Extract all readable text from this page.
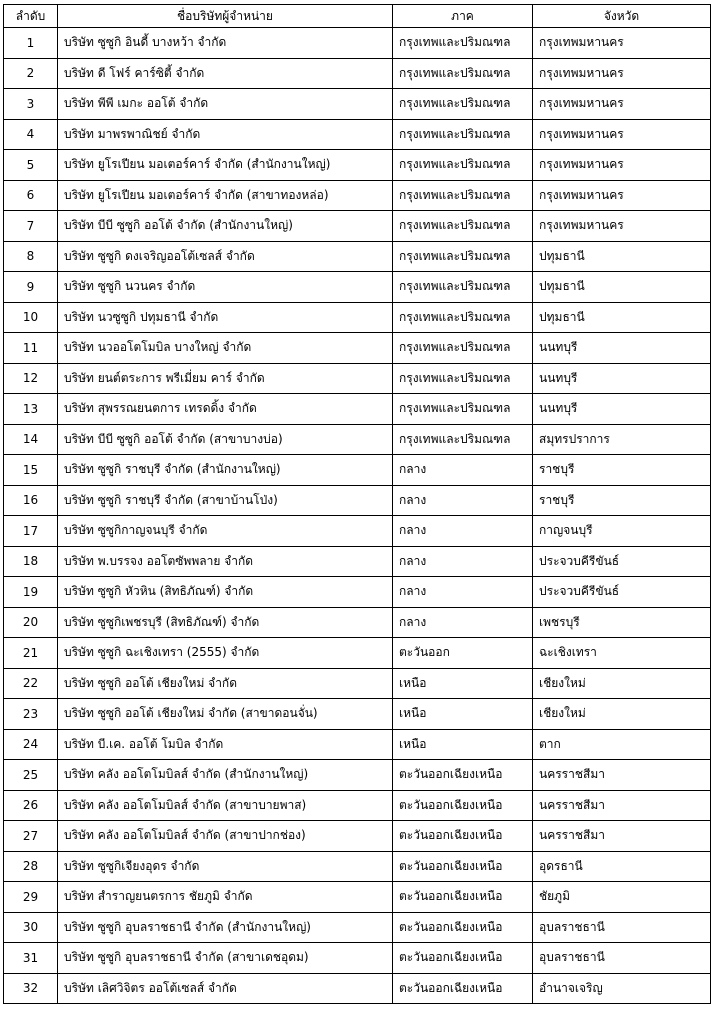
ลำดับ	ชื่อบริษัทผู้จำหน่าย	ภาค	จังหวัด
1	บริษัท ซูซูกิ อินดี้ บางหว้า จำกัด	กรุงเทพและปริมณฑล	กรุงเทพมหานคร
2	บริษัท ดี โฟร์ คาร์ซิตี้ จำกัด	กรุงเทพและปริมณฑล	กรุงเทพมหานคร
3	บริษัท พีพี เมกะ ออโต้ จำกัด	กรุงเทพและปริมณฑล	กรุงเทพมหานคร
4	บริษัท มาพรพาณิชย์ จำกัด	กรุงเทพและปริมณฑล	กรุงเทพมหานคร
5	บริษัท ยูโรเปียน มอเตอร์คาร์ จำกัด (สำนักงานใหญ่)	กรุงเทพและปริมณฑล	กรุงเทพมหานคร
6	บริษัท ยูโรเปียน มอเตอร์คาร์ จำกัด (สาขาทองหล่อ)	กรุงเทพและปริมณฑล	กรุงเทพมหานคร
7	บริษัท บีบี ซูซูกิ ออโต้ จำกัด (สำนักงานใหญ่)	กรุงเทพและปริมณฑล	กรุงเทพมหานคร
8	บริษัท ซูซูกิ ดงเจริญออโต้เซลส์ จำกัด	กรุงเทพและปริมณฑล	ปทุมธานี
9	บริษัท ซูซูกิ นวนคร จำกัด	กรุงเทพและปริมณฑล	ปทุมธานี
10	บริษัท นวซูซูกิ ปทุมธานี จำกัด	กรุงเทพและปริมณฑล	ปทุมธานี
11	บริษัท นวออโตโมบิล บางใหญ่ จำกัด	กรุงเทพและปริมณฑล	นนทบุรี
12	บริษัท ยนต์ตระการ พรีเมี่ยม คาร์ จำกัด	กรุงเทพและปริมณฑล	นนทบุรี
13	บริษัท สุพรรณยนตการ เทรดดิ้ง จำกัด	กรุงเทพและปริมณฑล	นนทบุรี
14	บริษัท บีบี ซูซูกิ ออโต้ จำกัด (สาขาบางบ่อ)	กรุงเทพและปริมณฑล	สมุทรปราการ
15	บริษัท ซูซูกิ ราชบุรี จำกัด (สำนักงานใหญ่)	กลาง	ราชบุรี
16	บริษัท ซูซูกิ ราชบุรี จำกัด (สาขาบ้านโป่ง)	กลาง	ราชบุรี
17	บริษัท ซูซูกิกาญจนบุรี จำกัด	กลาง	กาญจนบุรี
18	บริษัท พ.บรรจง ออโตซัพพลาย จำกัด	กลาง	ประจวบคีรีขันธ์
19	บริษัท ซูซูกิ หัวหิน (สิทธิภัณฑ์) จำกัด	กลาง	ประจวบคีรีขันธ์
20	บริษัท ซูซูกิเพชรบุรี (สิทธิภัณฑ์) จำกัด	กลาง	เพชรบุรี
21	บริษัท ซูซูกิ ฉะเชิงเทรา (2555) จำกัด	ตะวันออก	ฉะเชิงเทรา
22	บริษัท ซูซูกิ ออโต้ เชียงใหม่ จำกัด	เหนือ	เชียงใหม่
23	บริษัท ซูซูกิ ออโต้ เชียงใหม่ จำกัด (สาขาดอนจั่น)	เหนือ	เชียงใหม่
24	บริษัท บี.เค. ออโต้ โมบิล จำกัด	เหนือ	ตาก
25	บริษัท คลัง ออโตโมบิลส์ จำกัด (สำนักงานใหญ่)	ตะวันออกเฉียงเหนือ	นครราชสีมา
26	บริษัท คลัง ออโตโมบิลส์ จำกัด (สาขาบายพาส)	ตะวันออกเฉียงเหนือ	นครราชสีมา
27	บริษัท คลัง ออโตโมบิลส์ จำกัด (สาขาปากช่อง)	ตะวันออกเฉียงเหนือ	นครราชสีมา
28	บริษัท ซูซูกิเจียงอุดร จำกัด	ตะวันออกเฉียงเหนือ	อุดรธานี
29	บริษัท สำราญยนตรการ ชัยภูมิ จำกัด	ตะวันออกเฉียงเหนือ	ชัยภูมิ
30	บริษัท ซูซูกิ อุบลราชธานี จำกัด (สำนักงานใหญ่)	ตะวันออกเฉียงเหนือ	อุบลราชธานี
31	บริษัท ซูซูกิ อุบลราชธานี จำกัด (สาขาเดชอุดม)	ตะวันออกเฉียงเหนือ	อุบลราชธานี
32	บริษัท เลิศวิจิตร ออโต้เซลส์ จำกัด	ตะวันออกเฉียงเหนือ	อำนาจเจริญ
